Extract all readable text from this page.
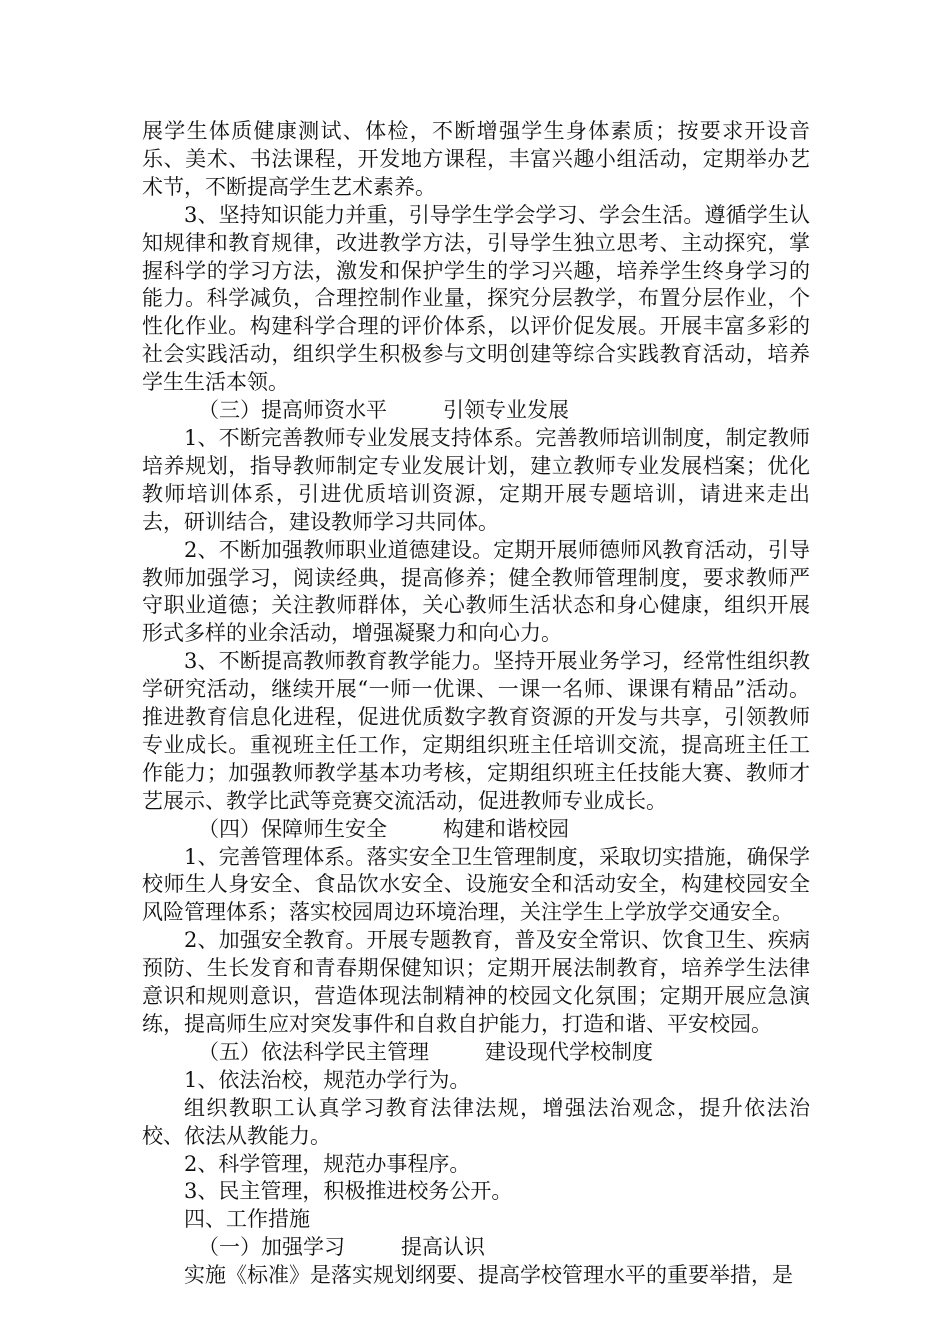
展学生体质健康测试、体检，不断增强学生身体素质；按要求开设音乐、美术、书法课程，开发地方课程，丰富兴趣小组活动，定期举办艺术节，不断提高学生艺术素养。

3、坚持知识能力并重，引导学生学会学习、学会生活。遵循学生认知规律和教育规律，改进教学方法，引导学生独立思考、主动探究，掌握科学的学习方法，激发和保护学生的学习兴趣，培养学生终身学习的能力。科学减负，合理控制作业量，探究分层教学，布置分层作业，个性化作业。构建科学合理的评价体系，以评价促发展。开展丰富多彩的社会实践活动，组织学生积极参与文明创建等综合实践教育活动，培养学生生活本领。

（三）提高师资水平	引领专业发展

1、不断完善教师专业发展支持体系。完善教师培训制度，制定教师培养规划，指导教师制定专业发展计划，建立教师专业发展档案；优化教师培训体系，引进优质培训资源，定期开展专题培训，请进来走出去，研训结合，建设教师学习共同体。

2、不断加强教师职业道德建设。定期开展师德师风教育活动，引导教师加强学习，阅读经典，提高修养；健全教师管理制度，要求教师严守职业道德；关注教师群体，关心教师生活状态和身心健康，组织开展形式多样的业余活动，增强凝聚力和向心力。

3、不断提高教师教育教学能力。坚持开展业务学习，经常性组织教学研究活动，继续开展“一师一优课、一课一名师、课课有精品”活动。推进教育信息化进程，促进优质数字教育资源的开发与共享，引领教师专业成长。重视班主任工作，定期组织班主任培训交流，提高班主任工作能力；加强教师教学基本功考核，定期组织班主任技能大赛、教师才艺展示、教学比武等竞赛交流活动，促进教师专业成长。

（四）保障师生安全	构建和谐校园

1、完善管理体系。落实安全卫生管理制度，采取切实措施，确保学校师生人身安全、食品饮水安全、设施安全和活动安全，构建校园安全风险管理体系；落实校园周边环境治理，关注学生上学放学交通安全。

2、加强安全教育。开展专题教育，普及安全常识、饮食卫生、疾病预防、生长发育和青春期保健知识；定期开展法制教育，培养学生法律意识和规则意识，营造体现法制精神的校园文化氛围；定期开展应急演练，提高师生应对突发事件和自救自护能力，打造和谐、平安校园。

（五）依法科学民主管理	建设现代学校制度

1、依法治校，规范办学行为。

组织教职工认真学习教育法律法规，增强法治观念，提升依法治校、依法从教能力。

2、科学管理，规范办事程序。

3、民主管理，积极推进校务公开。

四、工作措施

（一）加强学习	提高认识

实施《标准》是落实规划纲要、提高学校管理水平的重要举措，是
